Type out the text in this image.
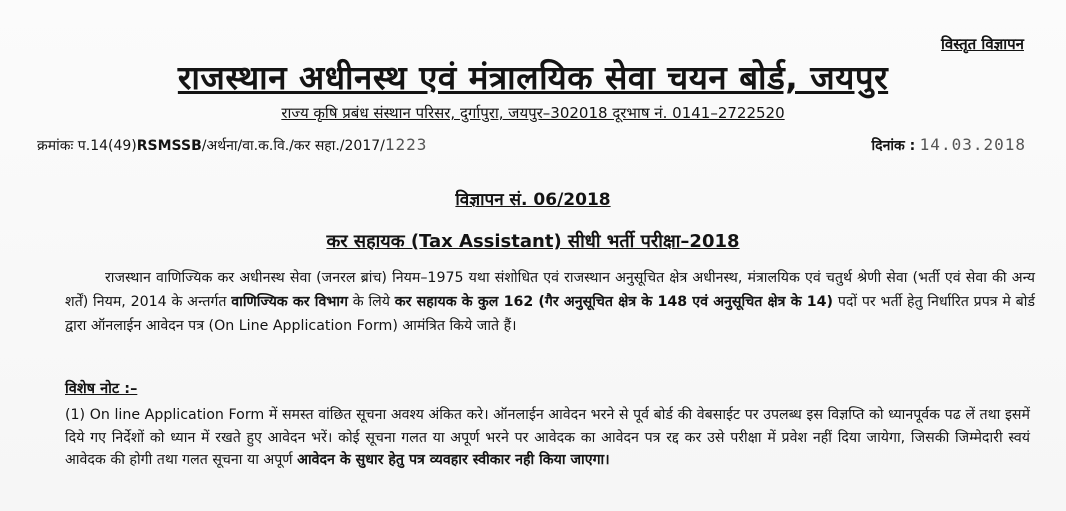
विस्तृत विज्ञापन
राजस्थान अधीनस्थ एवं मंत्रालयिक सेवा चयन बोर्ड, जयपुर
राज्य कृषि प्रबंध संस्थान परिसर, दुर्गापुरा, जयपुर–302018 दूरभाष नं. 0141–2722520
क्रमांकः प.14(49)RSMSSB/अर्थना/वा.क.वि./कर सहा./2017/1223	दिनांक : 14.03.2018
विज्ञापन सं. 06/2018
कर सहायक (Tax Assistant) सीधी भर्ती परीक्षा–2018
राजस्थान वाणिज्यिक कर अधीनस्थ सेवा (जनरल ब्रांच) नियम–1975 यथा संशोधित एवं राजस्थान अनुसूचित क्षेत्र अधीनस्थ, मंत्रालयिक एवं चतुर्थ श्रेणी सेवा (भर्ती एवं सेवा की अन्य शर्तें) नियम, 2014 के अन्तर्गत वाणिज्यिक कर विभाग के लिये कर सहायक के कुल 162 (गैर अनुसूचित क्षेत्र के 148 एवं अनुसूचित क्षेत्र के 14) पदों पर भर्ती हेतु निर्धारित प्रपत्र मे बोर्ड द्वारा ऑनलाईन आवेदन पत्र (On Line Application Form) आमंत्रित किये जाते हैं।
विशेष नोट :–
(1) On line Application Form में समस्त वांछित सूचना अवश्य अंकित करे। ऑनलाईन आवेदन भरने से पूर्व बोर्ड की वेबसाईट पर उपलब्ध इस विज्ञप्ति को ध्यानपूर्वक पढ लें तथा इसमें दिये गए निर्देशों को ध्यान में रखते हुए आवेदन भरें। कोई सूचना गलत या अपूर्ण भरने पर आवेदक का आवेदन पत्र रद्द कर उसे परीक्षा में प्रवेश नहीं दिया जायेगा, जिसकी जिम्मेदारी स्वयं आवेदक की होगी तथा गलत सूचना या अपूर्ण आवेदन के सुधार हेतु पत्र व्यवहार स्वीकार नही किया जाएगा।
